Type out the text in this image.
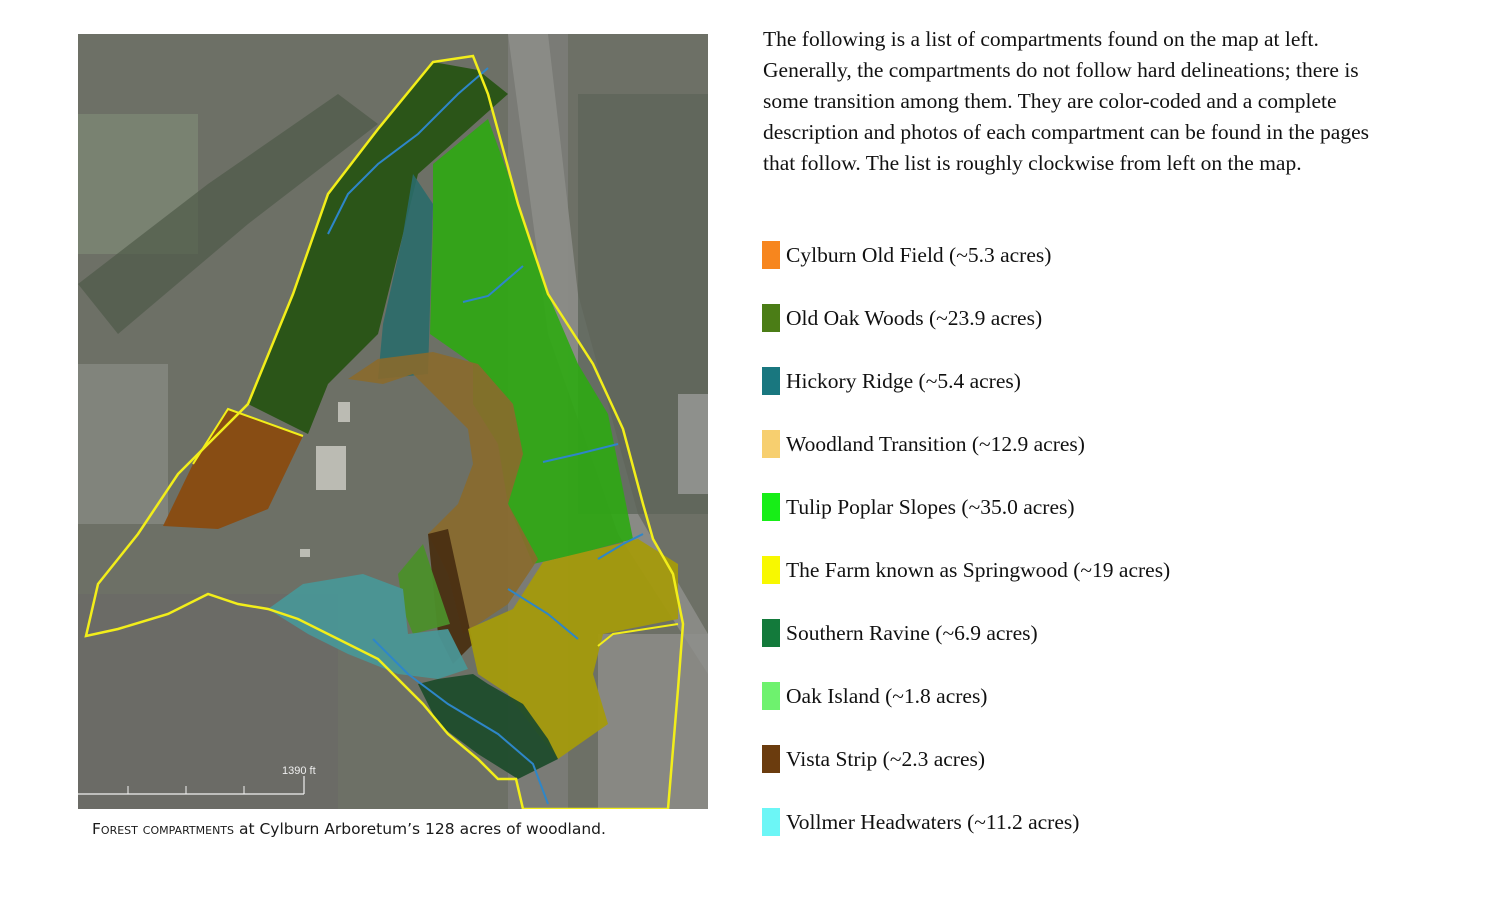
1390 ft
Forest compartments at Cylburn Arboretum’s 128 acres of woodland.
The following is a list of compartments found on the map at left. Generally, the compartments do not follow hard delineations; there is some transition among them. They are color-coded and a complete description and photos of each compartment can be found in the pages that follow. The list is roughly clockwise from left on the map.
Cylburn Old Field (~5.3 acres)
Old Oak Woods (~23.9 acres)
Hickory Ridge (~5.4 acres)
Woodland Transition (~12.9 acres)
Tulip Poplar Slopes (~35.0 acres)
The Farm known as Springwood (~19 acres)
Southern Ravine (~6.9 acres)
Oak Island (~1.8 acres)
Vista Strip (~2.3 acres)
Vollmer Headwaters (~11.2 acres)
